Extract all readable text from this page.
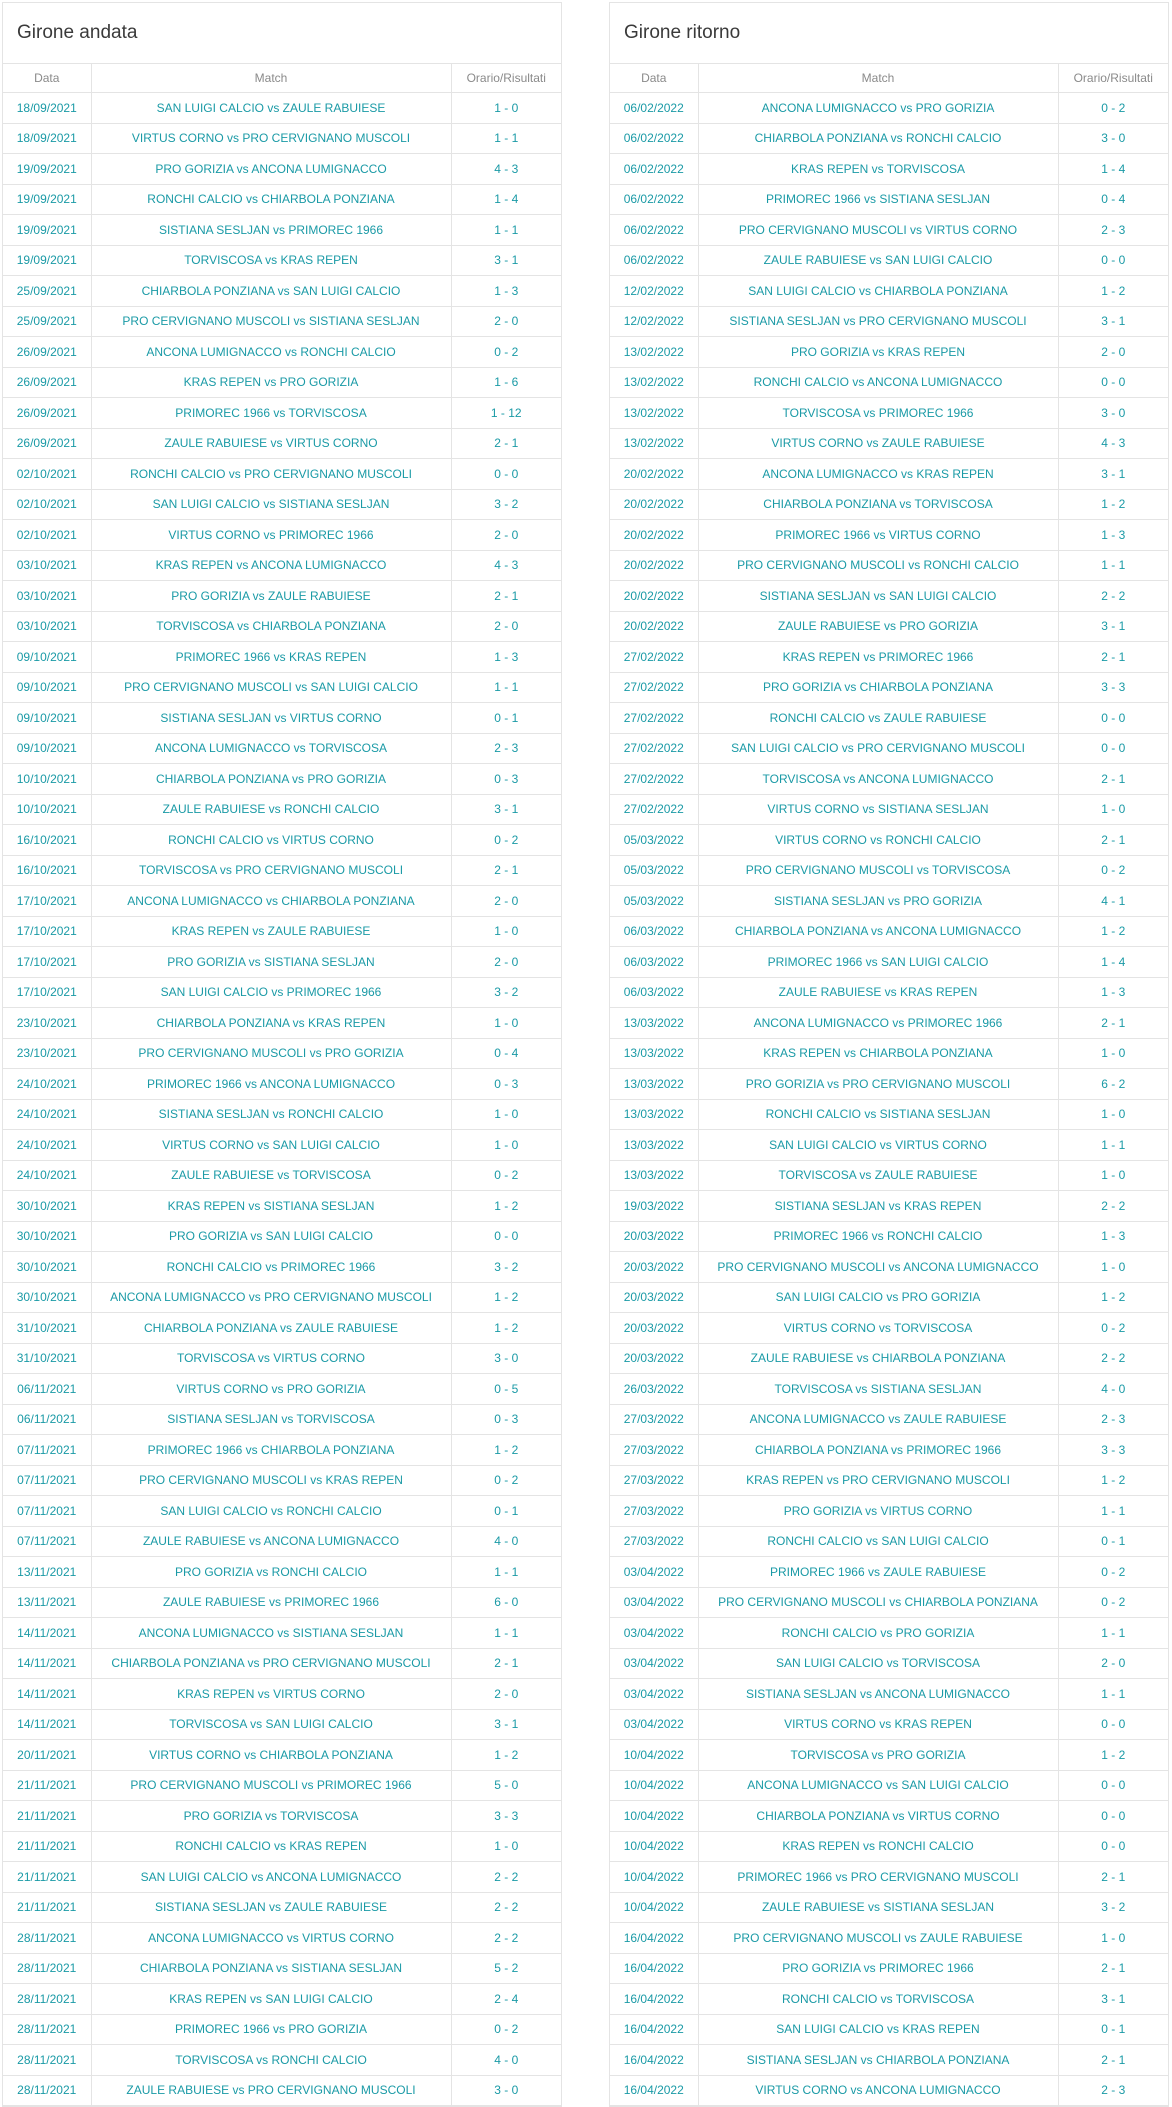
Girone andata
Data	Match	Orario/Risultati
18/09/2021	SAN LUIGI CALCIO vs ZAULE RABUIESE	1 - 0
18/09/2021	VIRTUS CORNO vs PRO CERVIGNANO MUSCOLI	1 - 1
19/09/2021	PRO GORIZIA vs ANCONA LUMIGNACCO	4 - 3
19/09/2021	RONCHI CALCIO vs CHIARBOLA PONZIANA	1 - 4
19/09/2021	SISTIANA SESLJAN vs PRIMOREC 1966	1 - 1
19/09/2021	TORVISCOSA vs KRAS REPEN	3 - 1
25/09/2021	CHIARBOLA PONZIANA vs SAN LUIGI CALCIO	1 - 3
25/09/2021	PRO CERVIGNANO MUSCOLI vs SISTIANA SESLJAN	2 - 0
26/09/2021	ANCONA LUMIGNACCO vs RONCHI CALCIO	0 - 2
26/09/2021	KRAS REPEN vs PRO GORIZIA	1 - 6
26/09/2021	PRIMOREC 1966 vs TORVISCOSA	1 - 12
26/09/2021	ZAULE RABUIESE vs VIRTUS CORNO	2 - 1
02/10/2021	RONCHI CALCIO vs PRO CERVIGNANO MUSCOLI	0 - 0
02/10/2021	SAN LUIGI CALCIO vs SISTIANA SESLJAN	3 - 2
02/10/2021	VIRTUS CORNO vs PRIMOREC 1966	2 - 0
03/10/2021	KRAS REPEN vs ANCONA LUMIGNACCO	4 - 3
03/10/2021	PRO GORIZIA vs ZAULE RABUIESE	2 - 1
03/10/2021	TORVISCOSA vs CHIARBOLA PONZIANA	2 - 0
09/10/2021	PRIMOREC 1966 vs KRAS REPEN	1 - 3
09/10/2021	PRO CERVIGNANO MUSCOLI vs SAN LUIGI CALCIO	1 - 1
09/10/2021	SISTIANA SESLJAN vs VIRTUS CORNO	0 - 1
09/10/2021	ANCONA LUMIGNACCO vs TORVISCOSA	2 - 3
10/10/2021	CHIARBOLA PONZIANA vs PRO GORIZIA	0 - 3
10/10/2021	ZAULE RABUIESE vs RONCHI CALCIO	3 - 1
16/10/2021	RONCHI CALCIO vs VIRTUS CORNO	0 - 2
16/10/2021	TORVISCOSA vs PRO CERVIGNANO MUSCOLI	2 - 1
17/10/2021	ANCONA LUMIGNACCO vs CHIARBOLA PONZIANA	2 - 0
17/10/2021	KRAS REPEN vs ZAULE RABUIESE	1 - 0
17/10/2021	PRO GORIZIA vs SISTIANA SESLJAN	2 - 0
17/10/2021	SAN LUIGI CALCIO vs PRIMOREC 1966	3 - 2
23/10/2021	CHIARBOLA PONZIANA vs KRAS REPEN	1 - 0
23/10/2021	PRO CERVIGNANO MUSCOLI vs PRO GORIZIA	0 - 4
24/10/2021	PRIMOREC 1966 vs ANCONA LUMIGNACCO	0 - 3
24/10/2021	SISTIANA SESLJAN vs RONCHI CALCIO	1 - 0
24/10/2021	VIRTUS CORNO vs SAN LUIGI CALCIO	1 - 0
24/10/2021	ZAULE RABUIESE vs TORVISCOSA	0 - 2
30/10/2021	KRAS REPEN vs SISTIANA SESLJAN	1 - 2
30/10/2021	PRO GORIZIA vs SAN LUIGI CALCIO	0 - 0
30/10/2021	RONCHI CALCIO vs PRIMOREC 1966	3 - 2
30/10/2021	ANCONA LUMIGNACCO vs PRO CERVIGNANO MUSCOLI	1 - 2
31/10/2021	CHIARBOLA PONZIANA vs ZAULE RABUIESE	1 - 2
31/10/2021	TORVISCOSA vs VIRTUS CORNO	3 - 0
06/11/2021	VIRTUS CORNO vs PRO GORIZIA	0 - 5
06/11/2021	SISTIANA SESLJAN vs TORVISCOSA	0 - 3
07/11/2021	PRIMOREC 1966 vs CHIARBOLA PONZIANA	1 - 2
07/11/2021	PRO CERVIGNANO MUSCOLI vs KRAS REPEN	0 - 2
07/11/2021	SAN LUIGI CALCIO vs RONCHI CALCIO	0 - 1
07/11/2021	ZAULE RABUIESE vs ANCONA LUMIGNACCO	4 - 0
13/11/2021	PRO GORIZIA vs RONCHI CALCIO	1 - 1
13/11/2021	ZAULE RABUIESE vs PRIMOREC 1966	6 - 0
14/11/2021	ANCONA LUMIGNACCO vs SISTIANA SESLJAN	1 - 1
14/11/2021	CHIARBOLA PONZIANA vs PRO CERVIGNANO MUSCOLI	2 - 1
14/11/2021	KRAS REPEN vs VIRTUS CORNO	2 - 0
14/11/2021	TORVISCOSA vs SAN LUIGI CALCIO	3 - 1
20/11/2021	VIRTUS CORNO vs CHIARBOLA PONZIANA	1 - 2
21/11/2021	PRO CERVIGNANO MUSCOLI vs PRIMOREC 1966	5 - 0
21/11/2021	PRO GORIZIA vs TORVISCOSA	3 - 3
21/11/2021	RONCHI CALCIO vs KRAS REPEN	1 - 0
21/11/2021	SAN LUIGI CALCIO vs ANCONA LUMIGNACCO	2 - 2
21/11/2021	SISTIANA SESLJAN vs ZAULE RABUIESE	2 - 2
28/11/2021	ANCONA LUMIGNACCO vs VIRTUS CORNO	2 - 2
28/11/2021	CHIARBOLA PONZIANA vs SISTIANA SESLJAN	5 - 2
28/11/2021	KRAS REPEN vs SAN LUIGI CALCIO	2 - 4
28/11/2021	PRIMOREC 1966 vs PRO GORIZIA	0 - 2
28/11/2021	TORVISCOSA vs RONCHI CALCIO	4 - 0
28/11/2021	ZAULE RABUIESE vs PRO CERVIGNANO MUSCOLI	3 - 0
Girone ritorno
Data	Match	Orario/Risultati
06/02/2022	ANCONA LUMIGNACCO vs PRO GORIZIA	0 - 2
06/02/2022	CHIARBOLA PONZIANA vs RONCHI CALCIO	3 - 0
06/02/2022	KRAS REPEN vs TORVISCOSA	1 - 4
06/02/2022	PRIMOREC 1966 vs SISTIANA SESLJAN	0 - 4
06/02/2022	PRO CERVIGNANO MUSCOLI vs VIRTUS CORNO	2 - 3
06/02/2022	ZAULE RABUIESE vs SAN LUIGI CALCIO	0 - 0
12/02/2022	SAN LUIGI CALCIO vs CHIARBOLA PONZIANA	1 - 2
12/02/2022	SISTIANA SESLJAN vs PRO CERVIGNANO MUSCOLI	3 - 1
13/02/2022	PRO GORIZIA vs KRAS REPEN	2 - 0
13/02/2022	RONCHI CALCIO vs ANCONA LUMIGNACCO	0 - 0
13/02/2022	TORVISCOSA vs PRIMOREC 1966	3 - 0
13/02/2022	VIRTUS CORNO vs ZAULE RABUIESE	4 - 3
20/02/2022	ANCONA LUMIGNACCO vs KRAS REPEN	3 - 1
20/02/2022	CHIARBOLA PONZIANA vs TORVISCOSA	1 - 2
20/02/2022	PRIMOREC 1966 vs VIRTUS CORNO	1 - 3
20/02/2022	PRO CERVIGNANO MUSCOLI vs RONCHI CALCIO	1 - 1
20/02/2022	SISTIANA SESLJAN vs SAN LUIGI CALCIO	2 - 2
20/02/2022	ZAULE RABUIESE vs PRO GORIZIA	3 - 1
27/02/2022	KRAS REPEN vs PRIMOREC 1966	2 - 1
27/02/2022	PRO GORIZIA vs CHIARBOLA PONZIANA	3 - 3
27/02/2022	RONCHI CALCIO vs ZAULE RABUIESE	0 - 0
27/02/2022	SAN LUIGI CALCIO vs PRO CERVIGNANO MUSCOLI	0 - 0
27/02/2022	TORVISCOSA vs ANCONA LUMIGNACCO	2 - 1
27/02/2022	VIRTUS CORNO vs SISTIANA SESLJAN	1 - 0
05/03/2022	VIRTUS CORNO vs RONCHI CALCIO	2 - 1
05/03/2022	PRO CERVIGNANO MUSCOLI vs TORVISCOSA	0 - 2
05/03/2022	SISTIANA SESLJAN vs PRO GORIZIA	4 - 1
06/03/2022	CHIARBOLA PONZIANA vs ANCONA LUMIGNACCO	1 - 2
06/03/2022	PRIMOREC 1966 vs SAN LUIGI CALCIO	1 - 4
06/03/2022	ZAULE RABUIESE vs KRAS REPEN	1 - 3
13/03/2022	ANCONA LUMIGNACCO vs PRIMOREC 1966	2 - 1
13/03/2022	KRAS REPEN vs CHIARBOLA PONZIANA	1 - 0
13/03/2022	PRO GORIZIA vs PRO CERVIGNANO MUSCOLI	6 - 2
13/03/2022	RONCHI CALCIO vs SISTIANA SESLJAN	1 - 0
13/03/2022	SAN LUIGI CALCIO vs VIRTUS CORNO	1 - 1
13/03/2022	TORVISCOSA vs ZAULE RABUIESE	1 - 0
19/03/2022	SISTIANA SESLJAN vs KRAS REPEN	2 - 2
20/03/2022	PRIMOREC 1966 vs RONCHI CALCIO	1 - 3
20/03/2022	PRO CERVIGNANO MUSCOLI vs ANCONA LUMIGNACCO	1 - 0
20/03/2022	SAN LUIGI CALCIO vs PRO GORIZIA	1 - 2
20/03/2022	VIRTUS CORNO vs TORVISCOSA	0 - 2
20/03/2022	ZAULE RABUIESE vs CHIARBOLA PONZIANA	2 - 2
26/03/2022	TORVISCOSA vs SISTIANA SESLJAN	4 - 0
27/03/2022	ANCONA LUMIGNACCO vs ZAULE RABUIESE	2 - 3
27/03/2022	CHIARBOLA PONZIANA vs PRIMOREC 1966	3 - 3
27/03/2022	KRAS REPEN vs PRO CERVIGNANO MUSCOLI	1 - 2
27/03/2022	PRO GORIZIA vs VIRTUS CORNO	1 - 1
27/03/2022	RONCHI CALCIO vs SAN LUIGI CALCIO	0 - 1
03/04/2022	PRIMOREC 1966 vs ZAULE RABUIESE	0 - 2
03/04/2022	PRO CERVIGNANO MUSCOLI vs CHIARBOLA PONZIANA	0 - 2
03/04/2022	RONCHI CALCIO vs PRO GORIZIA	1 - 1
03/04/2022	SAN LUIGI CALCIO vs TORVISCOSA	2 - 0
03/04/2022	SISTIANA SESLJAN vs ANCONA LUMIGNACCO	1 - 1
03/04/2022	VIRTUS CORNO vs KRAS REPEN	0 - 0
10/04/2022	TORVISCOSA vs PRO GORIZIA	1 - 2
10/04/2022	ANCONA LUMIGNACCO vs SAN LUIGI CALCIO	0 - 0
10/04/2022	CHIARBOLA PONZIANA vs VIRTUS CORNO	0 - 0
10/04/2022	KRAS REPEN vs RONCHI CALCIO	0 - 0
10/04/2022	PRIMOREC 1966 vs PRO CERVIGNANO MUSCOLI	2 - 1
10/04/2022	ZAULE RABUIESE vs SISTIANA SESLJAN	3 - 2
16/04/2022	PRO CERVIGNANO MUSCOLI vs ZAULE RABUIESE	1 - 0
16/04/2022	PRO GORIZIA vs PRIMOREC 1966	2 - 1
16/04/2022	RONCHI CALCIO vs TORVISCOSA	3 - 1
16/04/2022	SAN LUIGI CALCIO vs KRAS REPEN	0 - 1
16/04/2022	SISTIANA SESLJAN vs CHIARBOLA PONZIANA	2 - 1
16/04/2022	VIRTUS CORNO vs ANCONA LUMIGNACCO	2 - 3
